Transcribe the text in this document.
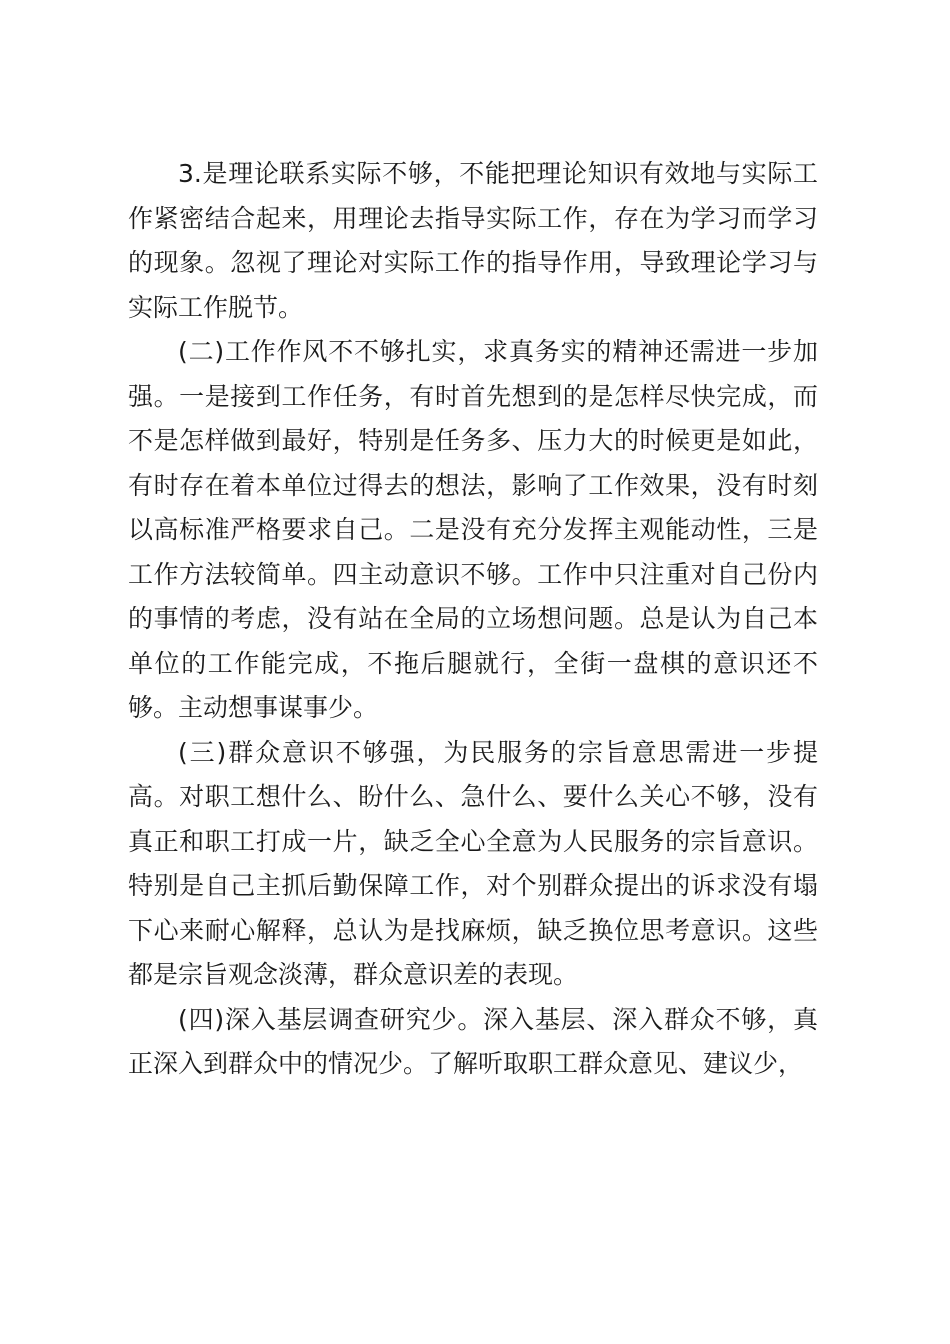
3.是理论联系实际不够，不能把理论知识有效地与实际工作紧密结合起来，用理论去指导实际工作，存在为学习而学习的现象。忽视了理论对实际工作的指导作用，导致理论学习与实际工作脱节。

(二)工作作风不不够扎实，求真务实的精神还需进一步加强。一是接到工作任务，有时首先想到的是怎样尽快完成，而不是怎样做到最好，特别是任务多、压力大的时候更是如此，有时存在着本单位过得去的想法，影响了工作效果，没有时刻以高标准严格要求自己。二是没有充分发挥主观能动性，三是工作方法较简单。四主动意识不够。工作中只注重对自己份内的事情的考虑，没有站在全局的立场想问题。总是认为自己本单位的工作能完成，不拖后腿就行，全街一盘棋的意识还不够。主动想事谋事少。

(三)群众意识不够强，为民服务的宗旨意思需进一步提高。对职工想什么、盼什么、急什么、要什么关心不够，没有真正和职工打成一片，缺乏全心全意为人民服务的宗旨意识。特别是自己主抓后勤保障工作，对个别群众提出的诉求没有塌下心来耐心解释，总认为是找麻烦，缺乏换位思考意识。这些都是宗旨观念淡薄，群众意识差的表现。

(四)深入基层调查研究少。深入基层、深入群众不够，真正深入到群众中的情况少。了解听取职工群众意见、建议少，
